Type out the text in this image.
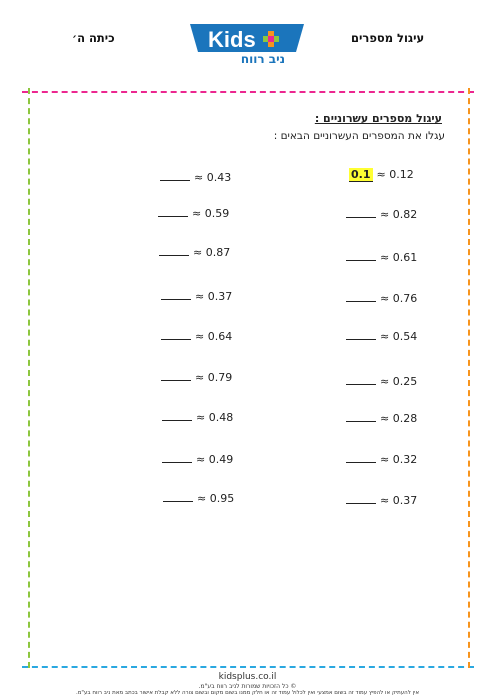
כיתה ה׳	עיגול מספרים
Kids
ניב רווח
עיגול מספרים עשרוניים :
עגלו את המספרים העשרוניים הבאים :
0.1 ≈ 0.12
≈ 0.82
≈ 0.61
≈ 0.76
≈ 0.54
≈ 0.25
≈ 0.28
≈ 0.32
≈ 0.37
≈ 0.43
≈ 0.59
≈ 0.87
≈ 0.37
≈ 0.64
≈ 0.79
≈ 0.48
≈ 0.49
≈ 0.95
kidsplus.co.il
© כל הזכויות שמורות לניב רווח בע"מ.
אין להעתיק או להפיץ עמוד זה בשום אמצעי ואין לכלול עמוד זה או חלק ממנו בשום מקום ובשום צורה ללא קבלת אישור בכתב מאת ניב רווח בע"מ.
